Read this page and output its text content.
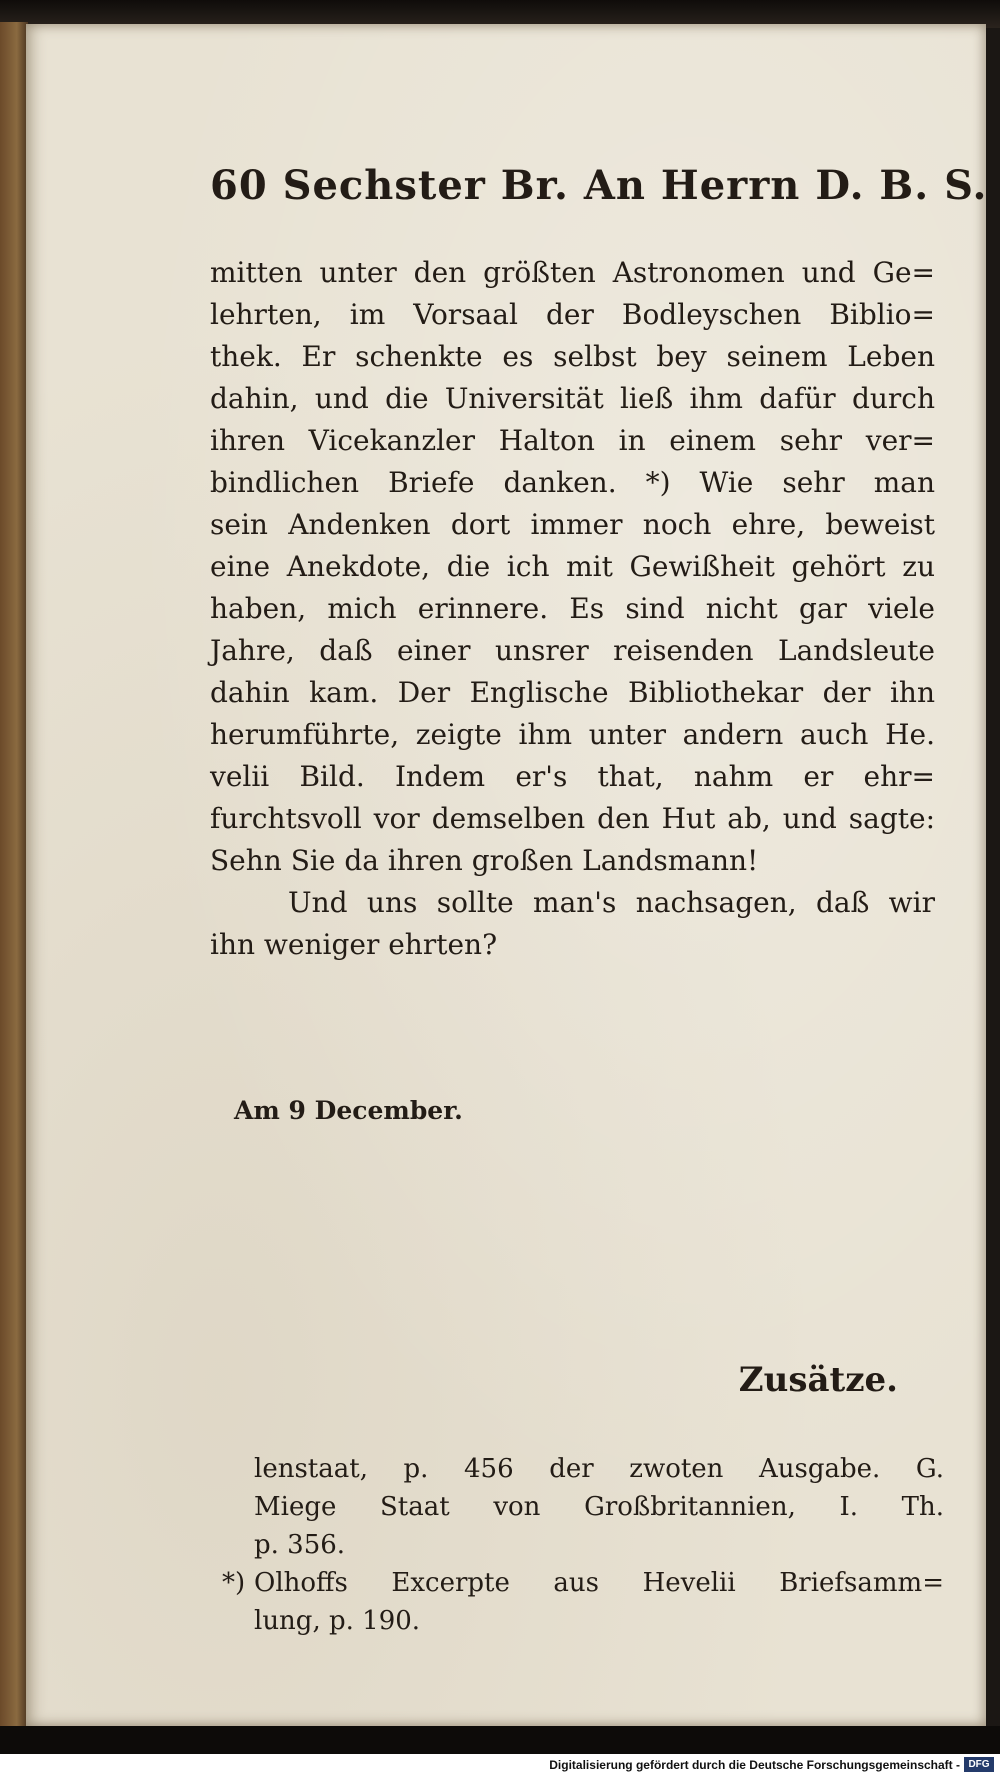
60 Sechster Br. An Herrn D. B. S.
mitten unter den größten Astronomen und Ge=
lehrten, im Vorsaal der Bodleyschen Biblio=
thek. Er schenkte es selbst bey seinem Leben
dahin, und die Universität ließ ihm dafür durch
ihren Vicekanzler Halton in einem sehr ver=
bindlichen Briefe danken. *) Wie sehr man
sein Andenken dort immer noch ehre, beweist
eine Anekdote, die ich mit Gewißheit gehört zu
haben, mich erinnere. Es sind nicht gar viele
Jahre, daß einer unsrer reisenden Landsleute
dahin kam. Der Englische Bibliothekar der ihn
herumführte, zeigte ihm unter andern auch He.
velii Bild. Indem er's that, nahm er ehr=
furchtsvoll vor demselben den Hut ab, und sagte:
Sehn Sie da ihren großen Landsmann!
Und uns sollte man's nachsagen, daß wir
ihn weniger ehrten?
Am 9 December.
Zusätze.
lenstaat, p. 456 der zwoten Ausgabe. G.
Miege Staat von Großbritannien, I. Th.
p. 356.
*) Olhoffs Excerpte aus Hevelii Briefsamm=
lung, p. 190.
Digitalisierung gefördert durch die Deutsche Forschungsgemeinschaft - DFG
